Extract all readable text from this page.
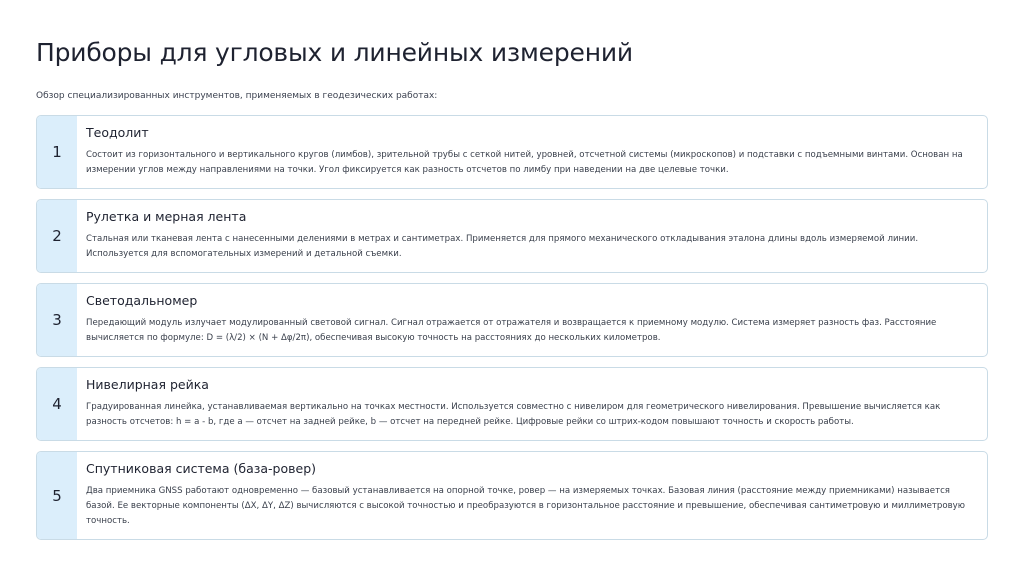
Приборы для угловых и линейных измерений
Обзор специализированных инструментов, применяемых в геодезических работах:
1
Теодолит
Состоит из горизонтального и вертикального кругов (лимбов), зрительной трубы с сеткой нитей, уровней, отсчетной системы (микроскопов) и подставки с подъемными винтами. Основан на измерении углов между направлениями на точки. Угол фиксируется как разность отсчетов по лимбу при наведении на две целевые точки.
2
Рулетка и мерная лента
Стальная или тканевая лента с нанесенными делениями в метрах и сантиметрах. Применяется для прямого механического откладывания эталона длины вдоль измеряемой линии. Используется для вспомогательных измерений и детальной съемки.
3
Светодальномер
Передающий модуль излучает модулированный световой сигнал. Сигнал отражается от отражателя и возвращается к приемному модулю. Система измеряет разность фаз. Расстояние вычисляется по формуле: D = (λ/2) × (N + Δφ/2π), обеспечивая высокую точность на расстояниях до нескольких километров.
4
Нивелирная рейка
Градуированная линейка, устанавливаемая вертикально на точках местности. Используется совместно с нивелиром для геометрического нивелирования. Превышение вычисляется как разность отсчетов: h = a - b, где a — отсчет на задней рейке, b — отсчет на передней рейке. Цифровые рейки со штрих-кодом повышают точность и скорость работы.
5
Спутниковая система (база-ровер)
Два приемника GNSS работают одновременно — базовый устанавливается на опорной точке, ровер — на измеряемых точках. Базовая линия (расстояние между приемниками) называется базой. Ее векторные компоненты (ΔX, ΔY, ΔZ) вычисляются с высокой точностью и преобразуются в горизонтальное расстояние и превышение, обеспечивая сантиметровую и миллиметровую точность.
